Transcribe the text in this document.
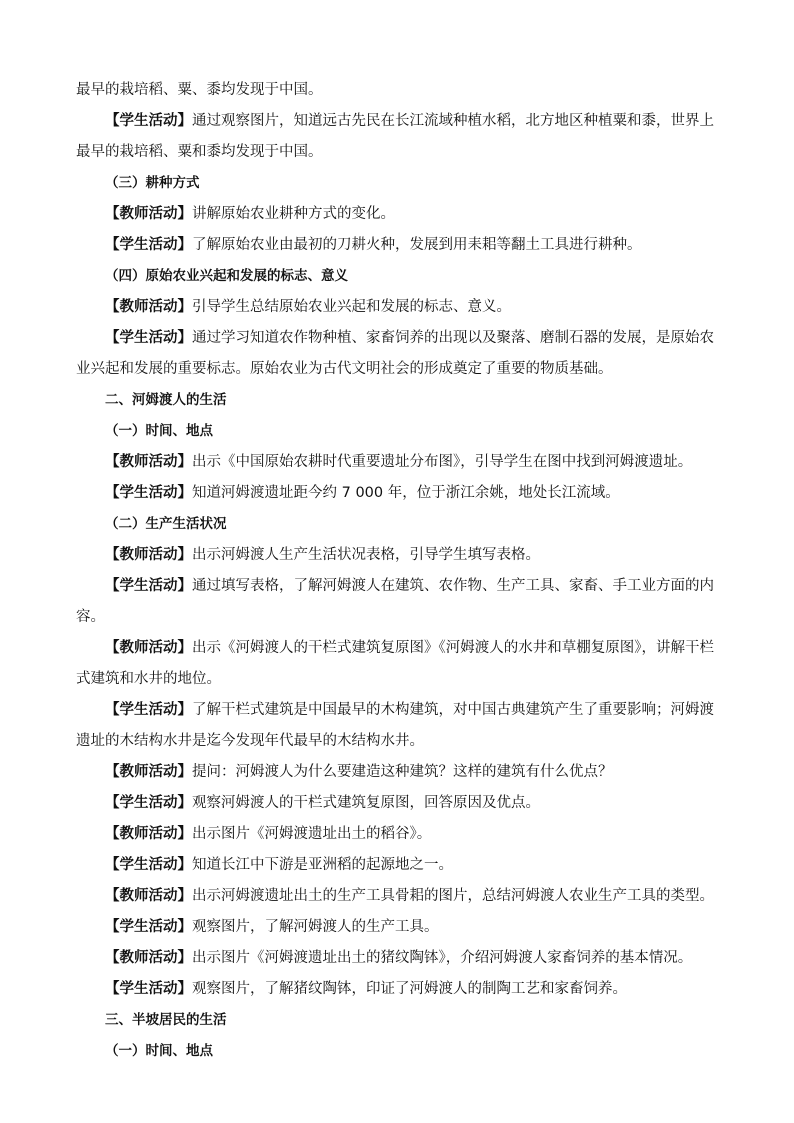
最早的栽培稻、粟、黍均发现于中国。

【学生活动】通过观察图片，知道远古先民在长江流域种植水稻，北方地区种植粟和黍，世界上最早的栽培稻、粟和黍均发现于中国。

（三）耕种方式

【教师活动】讲解原始农业耕种方式的变化。

【学生活动】了解原始农业由最初的刀耕火种，发展到用耒耜等翻土工具进行耕种。

（四）原始农业兴起和发展的标志、意义

【教师活动】引导学生总结原始农业兴起和发展的标志、意义。

【学生活动】通过学习知道农作物种植、家畜饲养的出现以及聚落、磨制石器的发展，是原始农业兴起和发展的重要标志。原始农业为古代文明社会的形成奠定了重要的物质基础。

二、河姆渡人的生活

（一）时间、地点

【教师活动】出示《中国原始农耕时代重要遗址分布图》，引导学生在图中找到河姆渡遗址。

【学生活动】知道河姆渡遗址距今约 7 000 年，位于浙江余姚，地处长江流域。

（二）生产生活状况

【教师活动】出示河姆渡人生产生活状况表格，引导学生填写表格。

【学生活动】通过填写表格，了解河姆渡人在建筑、农作物、生产工具、家畜、手工业方面的内容。

【教师活动】出示《河姆渡人的干栏式建筑复原图》《河姆渡人的水井和草棚复原图》，讲解干栏式建筑和水井的地位。

【学生活动】了解干栏式建筑是中国最早的木构建筑，对中国古典建筑产生了重要影响；河姆渡遗址的木结构水井是迄今发现年代最早的木结构水井。

【教师活动】提问：河姆渡人为什么要建造这种建筑？这样的建筑有什么优点？

【学生活动】观察河姆渡人的干栏式建筑复原图，回答原因及优点。

【教师活动】出示图片《河姆渡遗址出土的稻谷》。

【学生活动】知道长江中下游是亚洲稻的起源地之一。

【教师活动】出示河姆渡遗址出土的生产工具骨耜的图片，总结河姆渡人农业生产工具的类型。

【学生活动】观察图片，了解河姆渡人的生产工具。

【教师活动】出示图片《河姆渡遗址出土的猪纹陶钵》，介绍河姆渡人家畜饲养的基本情况。

【学生活动】观察图片，了解猪纹陶钵，印证了河姆渡人的制陶工艺和家畜饲养。

三、半坡居民的生活

（一）时间、地点
